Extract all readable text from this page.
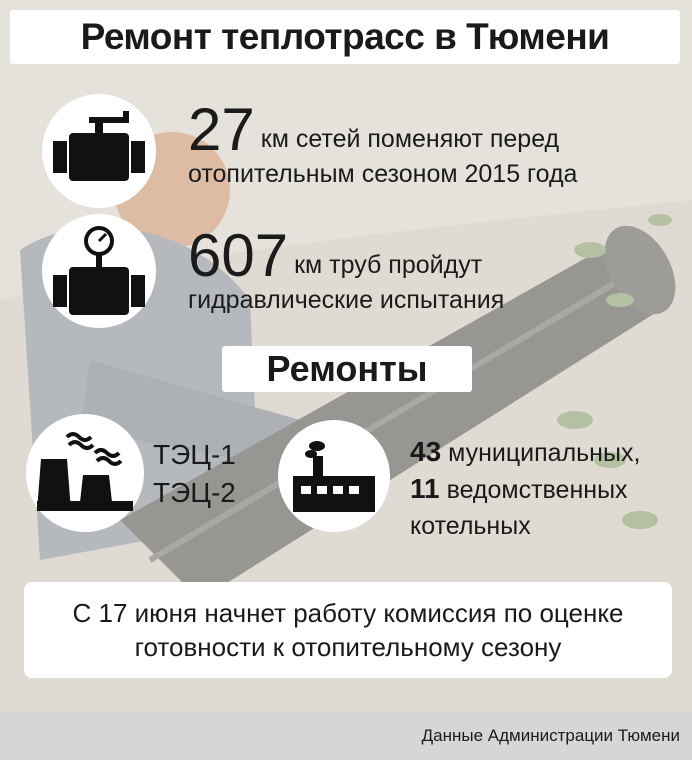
Ремонт теплотрасс в Тюмени
27 км сетей поменяют перед
отопительным сезоном 2015 года
607 км труб пройдут
гидравлические испытания
Ремонты
ТЭЦ-1
ТЭЦ-2
43 муниципальных,
11 ведомственных
котельных
С 17 июня начнет работу комиссия по оценке готовности к отопительному сезону
Данные Администрации Тюмени
